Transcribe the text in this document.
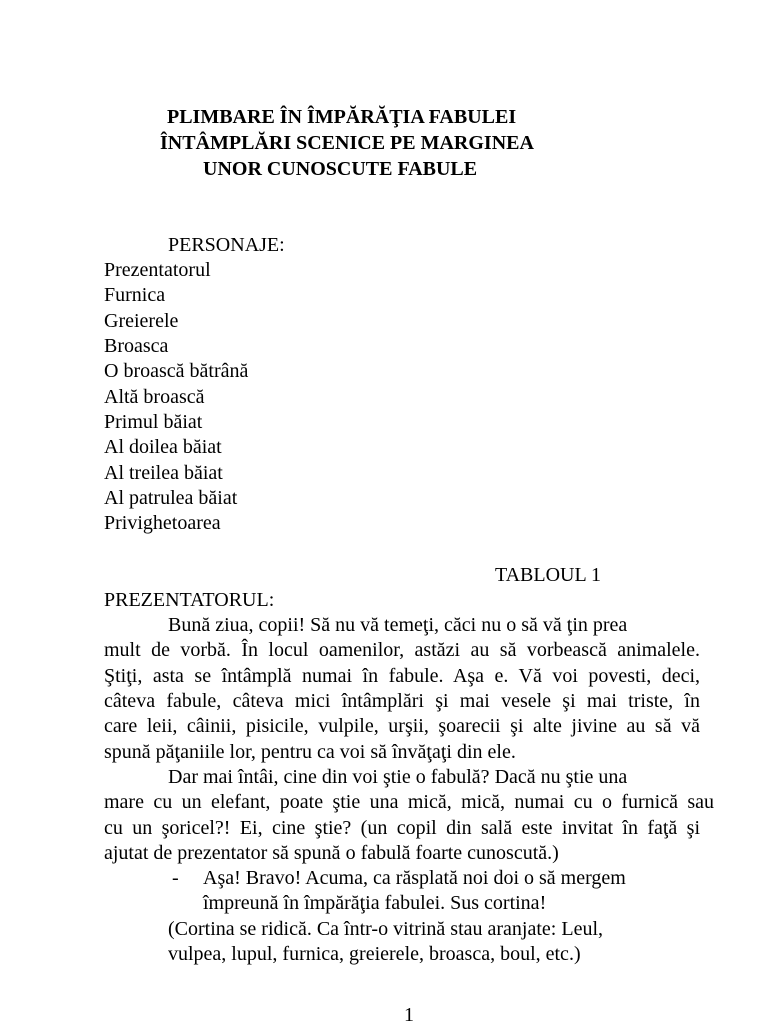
PLIMBARE ÎN ÎMPĂRĂŢIA FABULEI
ÎNTÂMPLĂRI SCENICE PE MARGINEA
UNOR CUNOSCUTE FABULE
PERSONAJE:
Prezentatorul
Furnica
Greierele
Broasca
O broască bătrână
Altă broască
Primul băiat
Al doilea băiat
Al treilea băiat
Al patrulea băiat
Privighetoarea
TABLOUL 1
PREZENTATORUL:
Bună ziua, copii! Să nu vă temeţi, căci nu o să vă ţin prea
mult de vorbă. În locul oamenilor, astăzi au să vorbească animalele.
Ştiţi, asta se întâmplă numai în fabule. Aşa e. Vă voi povesti, deci,
câteva fabule, câteva mici întâmplări şi mai vesele şi mai triste, în
care leii, câinii, pisicile, vulpile, urşii, şoarecii şi alte jivine au să vă
spună păţaniile lor, pentru ca voi să învăţaţi din ele.
Dar mai întâi, cine din voi ştie o fabulă? Dacă nu ştie una
mare cu un elefant, poate ştie una mică, mică, numai cu o furnică sau
cu un şoricel?! Ei, cine ştie? (un copil din sală este invitat în faţă şi
ajutat de prezentator să spună o fabulă foarte cunoscută.)
- Aşa! Bravo! Acuma, ca răsplată noi doi o să mergem
împreună în împărăţia fabulei. Sus cortina!
(Cortina se ridică. Ca într-o vitrină stau aranjate: Leul,
vulpea, lupul, furnica, greierele, broasca, boul, etc.)
1
